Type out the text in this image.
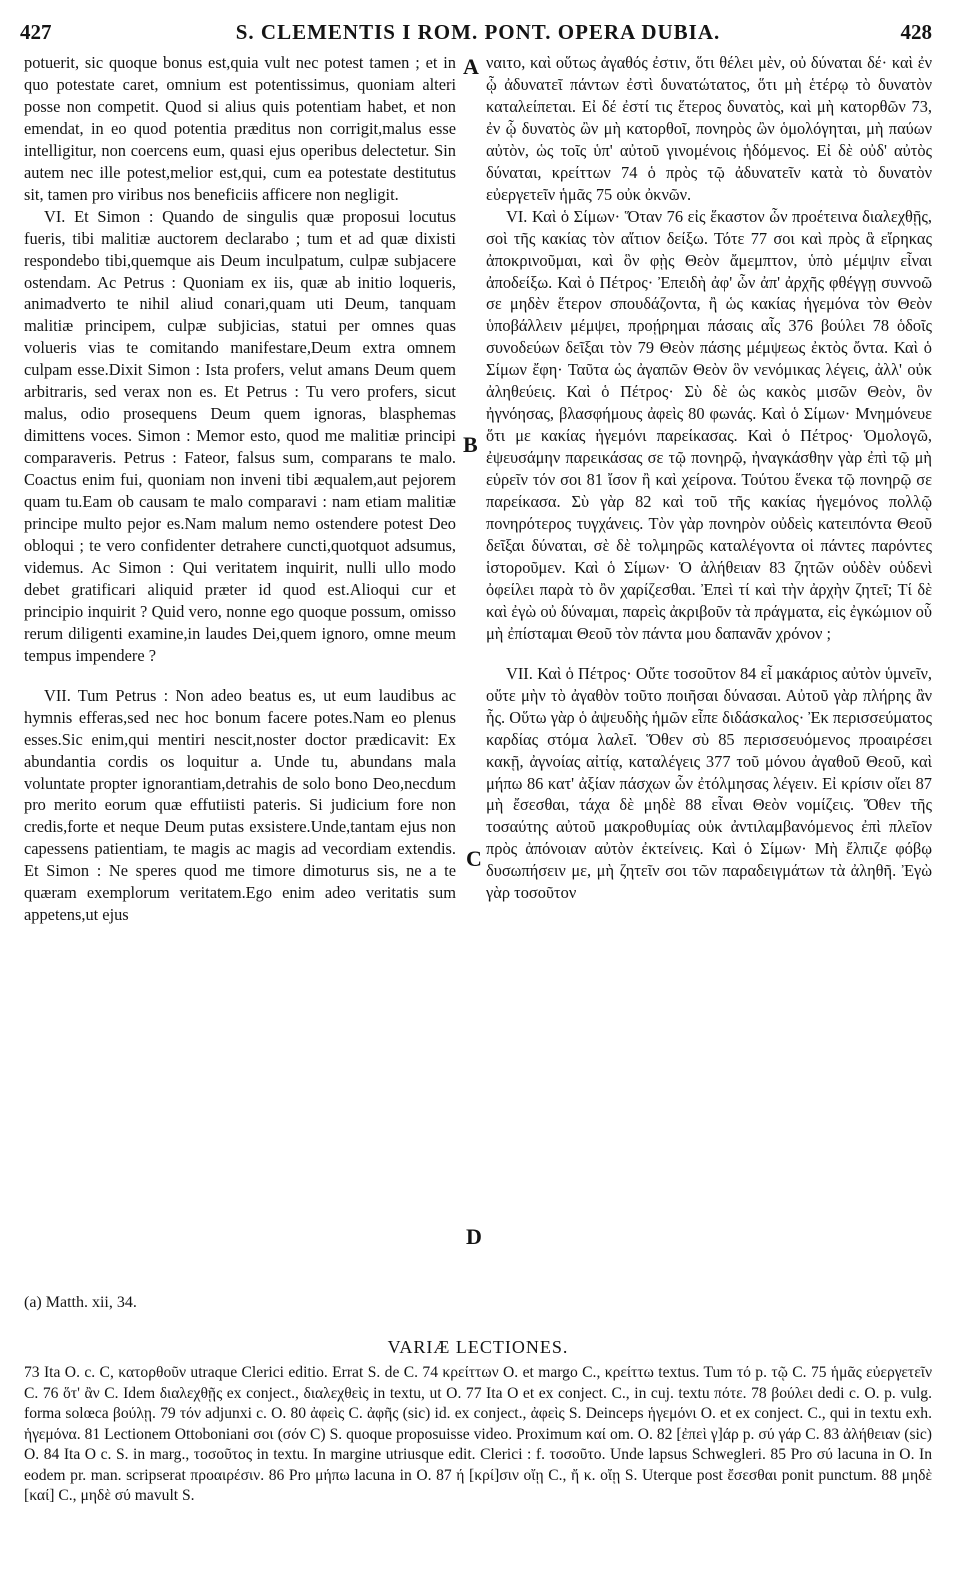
427	S. CLEMENTIS I ROM. PONT. OPERA DUBIA.	428

potuerit, sic quoque bonus est,quia vult nec potest tamen ; et in quo potestate caret, omnium est potentissimus, quoniam alteri posse non competit. Quod si alius quis potentiam habet, et non emendat, in eo quod potentia præditus non corrigit,malus esse intelligitur, non coercens eum, quasi ejus operibus delectetur. Sin autem nec ille potest,melior est,qui, cum ea potestate destitutus sit, tamen pro viribus nos beneficiis afficere non negligit.

VI. Et Simon : Quando de singulis quæ proposui locutus fueris, tibi malitiæ auctorem declarabo ; tum et ad quæ dixisti respondebo tibi,quemque ais Deum inculpatum, culpæ subjacere ostendam. Ac Petrus : Quoniam ex iis, quæ ab initio loqueris, animadverto te nihil aliud conari,quam uti Deum, tanquam malitiæ principem, culpæ subjicias, statui per omnes quas volueris vias te comitando manifestare,Deum extra omnem culpam esse.Dixit Simon : Ista profers, velut amans Deum quem arbitraris, sed verax non es. Et Petrus : Tu vero profers, sicut malus, odio prosequens Deum quem ignoras, blasphemas dimittens voces. Simon : Memor esto, quod me malitiæ principi comparaveris. Petrus : Fateor, falsus sum, comparans te malo. Coactus enim fui, quoniam non inveni tibi æqualem,aut pejorem quam tu.Eam ob causam te malo comparavi : nam etiam malitiæ principe multo pejor es.Nam malum nemo ostendere potest Deo obloqui ; te vero confidenter detrahere cuncti,quotquot adsumus, videmus. Ac Simon : Qui veritatem inquirit, nulli ullo modo debet gratificari aliquid præter id quod est.Alioqui cur et principio inquirit ? Quid vero, nonne ego quoque possum, omisso rerum diligenti examine,in laudes Dei,quem ignoro, omne meum tempus impendere ?

VII. Tum Petrus : Non adeo beatus es, ut eum laudibus ac hymnis efferas,sed nec hoc bonum facere potes.Nam eo plenus esses.Sic enim,qui mentiri nescit,noster doctor prædicavit: Ex abundantia cordis os loquitur a. Unde tu, abundans mala voluntate propter ignorantiam,detrahis de solo bono Deo,necdum pro merito eorum quæ effutiisti pateris. Si judicium fore non credis,forte et neque Deum putas exsistere.Unde,tantam ejus non capessens patientiam, te magis ac magis ad vecordiam extendis. Et Simon : Ne speres quod me timore dimoturus sis, ne a te quæram exemplorum veritatem.Ego enim adeo veritatis sum appetens,ut ejus

A
B
C
D

ναιτο, καὶ οὕτως ἀγαθός ἐστιν, ὅτι θέλει μὲν, οὐ δύναται δέ· καὶ ἐν ᾧ ἀδυνατεῖ πάντων ἐστὶ δυνατώτατος, ὅτι μὴ ἑτέρῳ τὸ δυνατὸν καταλείπεται. Εἰ δέ ἐστί τις ἕτερος δυνατὸς, καὶ μὴ κατορθῶν 73, ἐν ᾧ δυνατὸς ὢν μὴ κατορθοῖ, πονηρὸς ὢν ὁμολόγηται, μὴ παύων αὐτὸν, ὡς τοῖς ὑπ' αὐτοῦ γινομένοις ἡδόμενος. Εἰ δὲ οὐδ' αὐτὸς δύναται, κρείττων 74 ὁ πρὸς τῷ ἀδυνατεῖν κατὰ τὸ δυνατὸν εὐεργετεῖν ἡμᾶς 75 οὐκ ὀκνῶν.

VI. Καὶ ὁ Σίμων· Ὅταν 76 εἰς ἕκαστον ὧν προέτεινα διαλεχθῇς, σοὶ τῆς κακίας τὸν αἴτιον δείξω. Τότε 77 σοι καὶ πρὸς ἃ εἴρηκας ἀποκρινοῦμαι, καὶ ὃν φῂς Θεὸν ἄμεμπτον, ὑπὸ μέμψιν εἶναι ἀποδείξω. Καὶ ὁ Πέτρος· Ἐπειδὴ ἀφ' ὧν ἀπ' ἀρχῆς φθέγγῃ συννοῶ σε μηδὲν ἕτερον σπουδάζοντα, ἢ ὡς κακίας ἡγεμόνα τὸν Θεὸν ὑποβάλλειν μέμψει, προῄρημαι πάσαις αἷς 376 βούλει 78 ὁδοῖς συνοδεύων δεῖξαι τὸν 79 Θεὸν πάσης μέμψεως ἐκτὸς ὄντα. Καὶ ὁ Σίμων ἔφη· Ταῦτα ὡς ἀγαπῶν Θεὸν ὃν νενόμικας λέγεις, ἀλλ' οὐκ ἀληθεύεις. Καὶ ὁ Πέτρος· Σὺ δὲ ὡς κακὸς μισῶν Θεὸν, ὃν ἠγνόησας, βλασφήμους ἀφεὶς 80 φωνάς. Καὶ ὁ Σίμων· Μνημόνευε ὅτι με κακίας ἡγεμόνι παρείκασας. Καὶ ὁ Πέτρος· Ὁμολογῶ, ἐψευσάμην παρεικάσας σε τῷ πονηρῷ, ἠναγκάσθην γὰρ ἐπὶ τῷ μὴ εὑρεῖν τόν σοι 81 ἴσον ἢ καὶ χείρονα. Τούτου ἕνεκα τῷ πονηρῷ σε παρείκασα. Σὺ γὰρ 82 καὶ τοῦ τῆς κακίας ἡγεμόνος πολλῷ πονηρότερος τυγχάνεις. Τὸν γὰρ πονηρὸν οὐδεὶς κατειπόντα Θεοῦ δεῖξαι δύναται, σὲ δὲ τολμηρῶς καταλέγοντα οἱ πάντες παρόντες ἱστοροῦμεν. Καὶ ὁ Σίμων· Ὁ ἀλήθειαν 83 ζητῶν οὐδὲν οὐδενὶ ὀφείλει παρὰ τὸ ὂν χαρίζεσθαι. Ἐπεὶ τί καὶ τὴν ἀρχὴν ζητεῖ; Τί δὲ καὶ ἐγὼ οὐ δύναμαι, παρεὶς ἀκριβοῦν τὰ πράγματα, εἰς ἐγκώμιον οὗ μὴ ἐπίσταμαι Θεοῦ τὸν πάντα μου δαπανᾶν χρόνον ;

VII. Καὶ ὁ Πέτρος· Οὔτε τοσοῦτον 84 εἶ μακάριος αὐτὸν ὑμνεῖν, οὔτε μὴν τὸ ἀγαθὸν τοῦτο ποιῆσαι δύνασαι. Αὐτοῦ γὰρ πλήρης ἂν ἧς. Οὕτω γὰρ ὁ ἀψευδὴς ἡμῶν εἶπε διδάσκαλος· Ἐκ περισσεύματος καρδίας στόμα λαλεῖ. Ὅθεν σὺ 85 περισσευόμενος προαιρέσει κακῇ, ἀγνοίας αἰτίᾳ, καταλέγεις 377 τοῦ μόνου ἀγαθοῦ Θεοῦ, καὶ μήπω 86 κατ' ἀξίαν πάσχων ὧν ἐτόλμησας λέγειν. Εἰ κρίσιν οἴει 87 μὴ ἔσεσθαι, τάχα δὲ μηδὲ 88 εἶναι Θεὸν νομίζεις. Ὅθεν τῆς τοσαύτης αὐτοῦ μακροθυμίας οὐκ ἀντιλαμβανόμενος ἐπὶ πλεῖον πρὸς ἀπόνοιαν αὐτὸν ἐκτείνεις. Καὶ ὁ Σίμων· Μὴ ἔλπιζε φόβῳ δυσωπήσειν με, μὴ ζητεῖν σοι τῶν παραδειγμάτων τὰ ἀληθῆ. Ἐγὼ γὰρ τοσοῦτον

(a) Matth. xii, 34.
VARIÆ LECTIONES.

73 Ita O. c. C, κατορθοῦν utraque Clerici editio. Errat S. de C. 74 κρείττων O. et margo C., κρείττω textus. Tum τό p. τῷ C. 75 ἡμᾶς εὐεργετεῖν C. 76 ὅτ' ἂν C. Idem διαλεχθῇς ex conject., διαλεχθεὶς in textu, ut O. 77 Ita O et ex conject. C., in cuj. textu πότε. 78 βούλει dedi c. O. p. vulg. forma solœca βούλῃ. 79 τόν adjunxi c. O. 80 ἀφεὶς C. ἀφῆς (sic) id. ex conject., ἀφεὶς S. Deinceps ἡγεμόνι O. et ex conject. C., qui in textu exh. ἡγεμόνα. 81 Lectionem Ottoboniani σοι (σόν C) S. quoque proposuisse video. Proximum καί om. O. 82 [ἐπεὶ γ]άρ p. σύ γάρ C. 83 ἀλήθειαν (sic) O. 84 Ita O c. S. in marg., τοσοῦτος in textu. In margine utriusque edit. Clerici : f. τοσοῦτο. Unde lapsus Schwegleri. 85 Pro σύ lacuna in O. In eodem pr. man. scripserat προαιρέσιν. 86 Pro μήπω lacuna in O. 87 ή [κρί]σιν οἴῃ C., ἤ κ. οἴῃ S. Uterque post ἔσεσθαι ponit punctum. 88 μηδὲ [καί] C., μηδὲ σύ mavult S.
